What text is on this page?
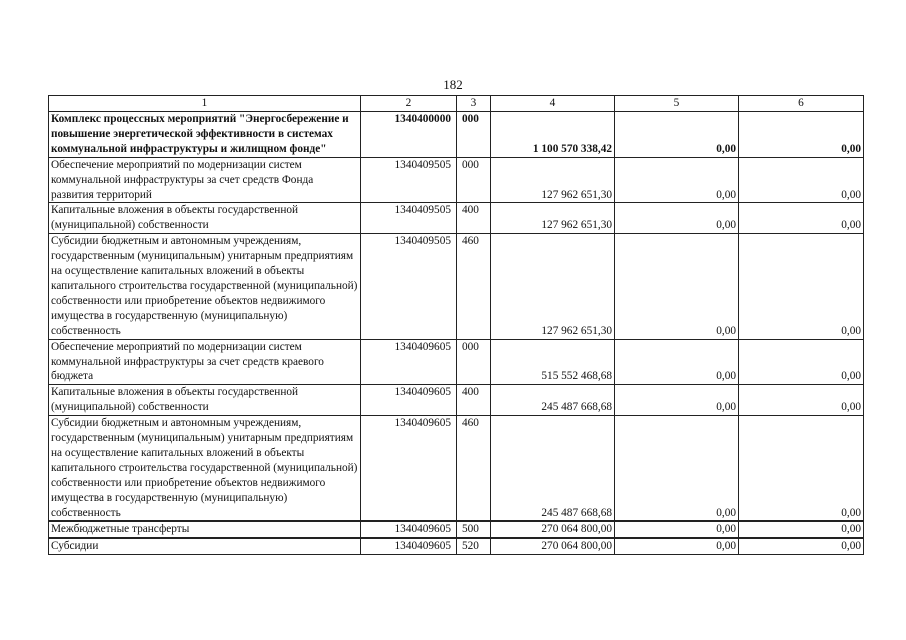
182
1	2	3	4	5	6
Комплекс процессных мероприятий "Энергосбережение и повышение энергетической эффективности в системах коммунальной инфраструктуры и жилищном фонде"	1340400000	000	1 100 570 338,42	0,00	0,00
Обеспечение мероприятий по модернизации систем коммунальной инфраструктуры за счет средств Фонда развития территорий	1340409505	000	127 962 651,30	0,00	0,00
Капитальные вложения в объекты государственной (муниципальной) собственности	1340409505	400	127 962 651,30	0,00	0,00
Субсидии бюджетным и автономным учреждениям, государственным (муниципальным) унитарным предприятиям на осуществление капитальных вложений в объекты капитального строительства государственной (муниципальной) собственности или приобретение объектов недвижимого имущества в государственную (муниципальную) собственность	1340409505	460	127 962 651,30	0,00	0,00
Обеспечение мероприятий по модернизации систем коммунальной инфраструктуры за счет средств краевого бюджета	1340409605	000	515 552 468,68	0,00	0,00
Капитальные вложения в объекты государственной (муниципальной) собственности	1340409605	400	245 487 668,68	0,00	0,00
Субсидии бюджетным и автономным учреждениям, государственным (муниципальным) унитарным предприятиям на осуществление капитальных вложений в объекты капитального строительства государственной (муниципальной) собственности или приобретение объектов недвижимого имущества в государственную (муниципальную) собственность	1340409605	460	245 487 668,68	0,00	0,00
Межбюджетные трансферты	1340409605	500	270 064 800,00	0,00	0,00
Субсидии	1340409605	520	270 064 800,00	0,00	0,00
